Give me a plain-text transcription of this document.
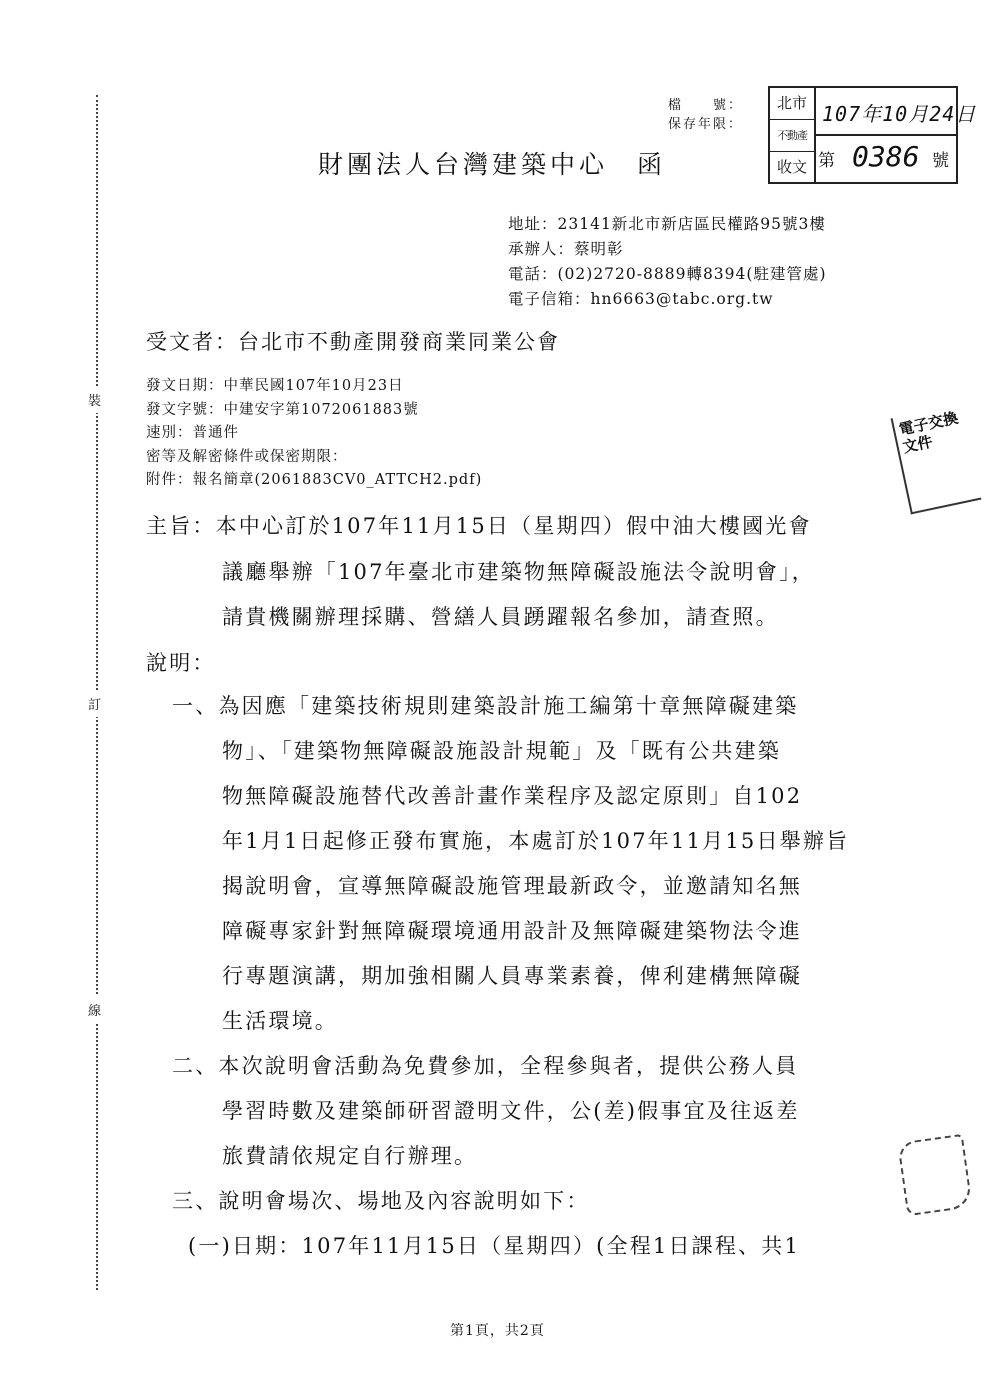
裝
訂
線
檔　　號：
保存年限：
北市
不動產
收文
107年10月24日
第 0386 號
財團法人台灣建築中心　函
地址：23141新北市新店區民權路95號3樓
承辦人：蔡明彰
電話：(02)2720-8889轉8394(駐建管處)
電子信箱：hn6663@tabc.org.tw
受文者：台北市不動產開發商業同業公會
發文日期：中華民國107年10月23日
發文字號：中建安字第1072061883號
速別：普通件
密等及解密條件或保密期限：
附件：報名簡章(2061883CV0_ATTCH2.pdf)
電子交換文件
主旨：本中心訂於107年11月15日（星期四）假中油大樓國光會
議廳舉辦「107年臺北市建築物無障礙設施法令說明會」，
請貴機關辦理採購、營繕人員踴躍報名參加，請查照。
說明：
一、為因應「建築技術規則建築設計施工編第十章無障礙建築
物」、「建築物無障礙設施設計規範」及「既有公共建築
物無障礙設施替代改善計畫作業程序及認定原則」自102
年1月1日起修正發布實施，本處訂於107年11月15日舉辦旨
揭說明會，宣導無障礙設施管理最新政令，並邀請知名無
障礙專家針對無障礙環境通用設計及無障礙建築物法令進
行專題演講，期加強相關人員專業素養，俾利建構無障礙
生活環境。
二、本次說明會活動為免費參加，全程參與者，提供公務人員
學習時數及建築師研習證明文件，公(差)假事宜及往返差
旅費請依規定自行辦理。
三、說明會場次、場地及內容說明如下：
(一)日期：107年11月15日（星期四）(全程1日課程、共1
第1頁，共2頁
